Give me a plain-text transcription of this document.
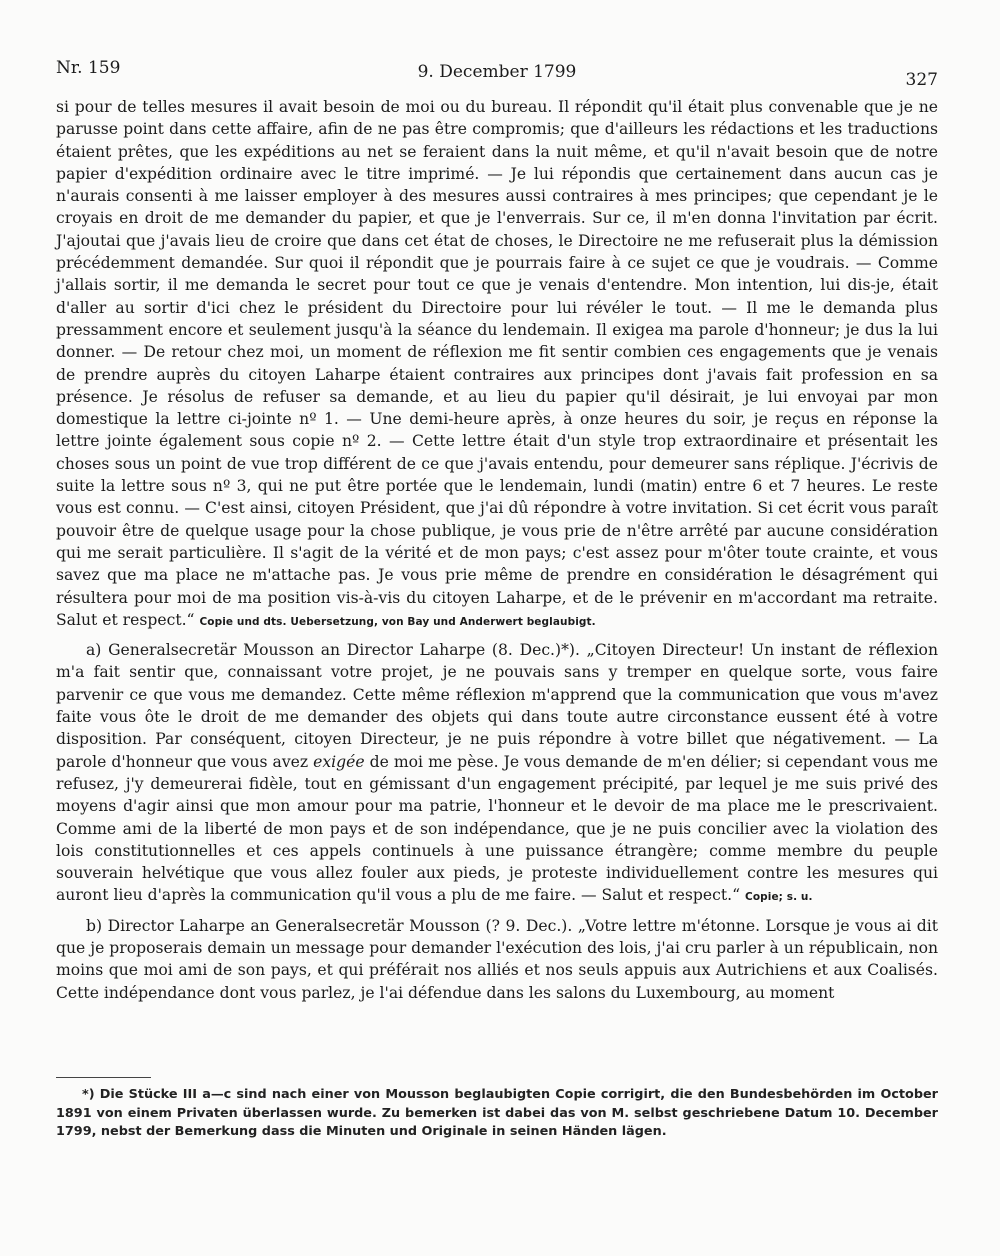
Nr. 159	9. December 1799	327

si pour de telles mesures il avait besoin de moi ou du bureau. Il répondit qu'il était plus convenable que je ne parusse point dans cette affaire, afin de ne pas être compromis; que d'ailleurs les rédactions et les traductions étaient prêtes, que les expéditions au net se feraient dans la nuit même, et qu'il n'avait besoin que de notre papier d'expédition ordinaire avec le titre imprimé. — Je lui répondis que certainement dans aucun cas je n'aurais consenti à me laisser employer à des mesures aussi contraires à mes principes; que cependant je le croyais en droit de me demander du papier, et que je l'enverrais. Sur ce, il m'en donna l'invitation par écrit. J'ajoutai que j'avais lieu de croire que dans cet état de choses, le Directoire ne me refuserait plus la démission précédemment demandée. Sur quoi il répondit que je pourrais faire à ce sujet ce que je voudrais. — Comme j'allais sortir, il me demanda le secret pour tout ce que je venais d'entendre. Mon intention, lui dis-je, était d'aller au sortir d'ici chez le président du Directoire pour lui révéler le tout. — Il me le demanda plus pressamment encore et seulement jusqu'à la séance du lendemain. Il exigea ma parole d'honneur; je dus la lui donner. — De retour chez moi, un moment de réflexion me fit sentir combien ces engagements que je venais de prendre auprès du citoyen Laharpe étaient contraires aux principes dont j'avais fait profession en sa présence. Je résolus de refuser sa demande, et au lieu du papier qu'il désirait, je lui envoyai par mon domestique la lettre ci-jointe nº 1. — Une demi-heure après, à onze heures du soir, je reçus en réponse la lettre jointe également sous copie nº 2. — Cette lettre était d'un style trop extraordinaire et présentait les choses sous un point de vue trop différent de ce que j'avais entendu, pour demeurer sans réplique. J'écrivis de suite la lettre sous nº 3, qui ne put être portée que le lendemain, lundi (matin) entre 6 et 7 heures. Le reste vous est connu. — C'est ainsi, citoyen Président, que j'ai dû répondre à votre invitation. Si cet écrit vous paraît pouvoir être de quelque usage pour la chose publique, je vous prie de n'être arrêté par aucune considération qui me serait particulière. Il s'agit de la vérité et de mon pays; c'est assez pour m'ôter toute crainte, et vous savez que ma place ne m'attache pas. Je vous prie même de prendre en considération le désagrément qui résultera pour moi de ma position vis-à-vis du citoyen Laharpe, et de le prévenir en m'accordant ma retraite. Salut et respect.“ Copie und dts. Uebersetzung, von Bay und Anderwert beglaubigt.

a) Generalsecretär Mousson an Director Laharpe (8. Dec.)*). „Citoyen Directeur! Un instant de réflexion m'a fait sentir que, connaissant votre projet, je ne pouvais sans y tremper en quelque sorte, vous faire parvenir ce que vous me demandez. Cette même réflexion m'apprend que la communication que vous m'avez faite vous ôte le droit de me demander des objets qui dans toute autre circonstance eussent été à votre disposition. Par conséquent, citoyen Directeur, je ne puis répondre à votre billet que négativement. — La parole d'honneur que vous avez exigée de moi me pèse. Je vous demande de m'en délier; si cependant vous me refusez, j'y demeurerai fidèle, tout en gémissant d'un engagement précipité, par lequel je me suis privé des moyens d'agir ainsi que mon amour pour ma patrie, l'honneur et le devoir de ma place me le prescrivaient. Comme ami de la liberté de mon pays et de son indépendance, que je ne puis concilier avec la violation des lois constitutionnelles et ces appels continuels à une puissance étrangère; comme membre du peuple souverain helvétique que vous allez fouler aux pieds, je proteste individuellement contre les mesures qui auront lieu d'après la communication qu'il vous a plu de me faire. — Salut et respect.“ Copie; s. u.

b) Director Laharpe an Generalsecretär Mousson (? 9. Dec.). „Votre lettre m'étonne. Lorsque je vous ai dit que je proposerais demain un message pour demander l'exécution des lois, j'ai cru parler à un républicain, non moins que moi ami de son pays, et qui préférait nos alliés et nos seuls appuis aux Autrichiens et aux Coalisés. Cette indépendance dont vous parlez, je l'ai défendue dans les salons du Luxembourg, au moment

*) Die Stücke III a—c sind nach einer von Mousson beglaubigten Copie corrigirt, die den Bundesbehörden im October 1891 von einem Privaten überlassen wurde. Zu bemerken ist dabei das von M. selbst geschriebene Datum 10. December 1799, nebst der Bemerkung dass die Minuten und Originale in seinen Händen lägen.
